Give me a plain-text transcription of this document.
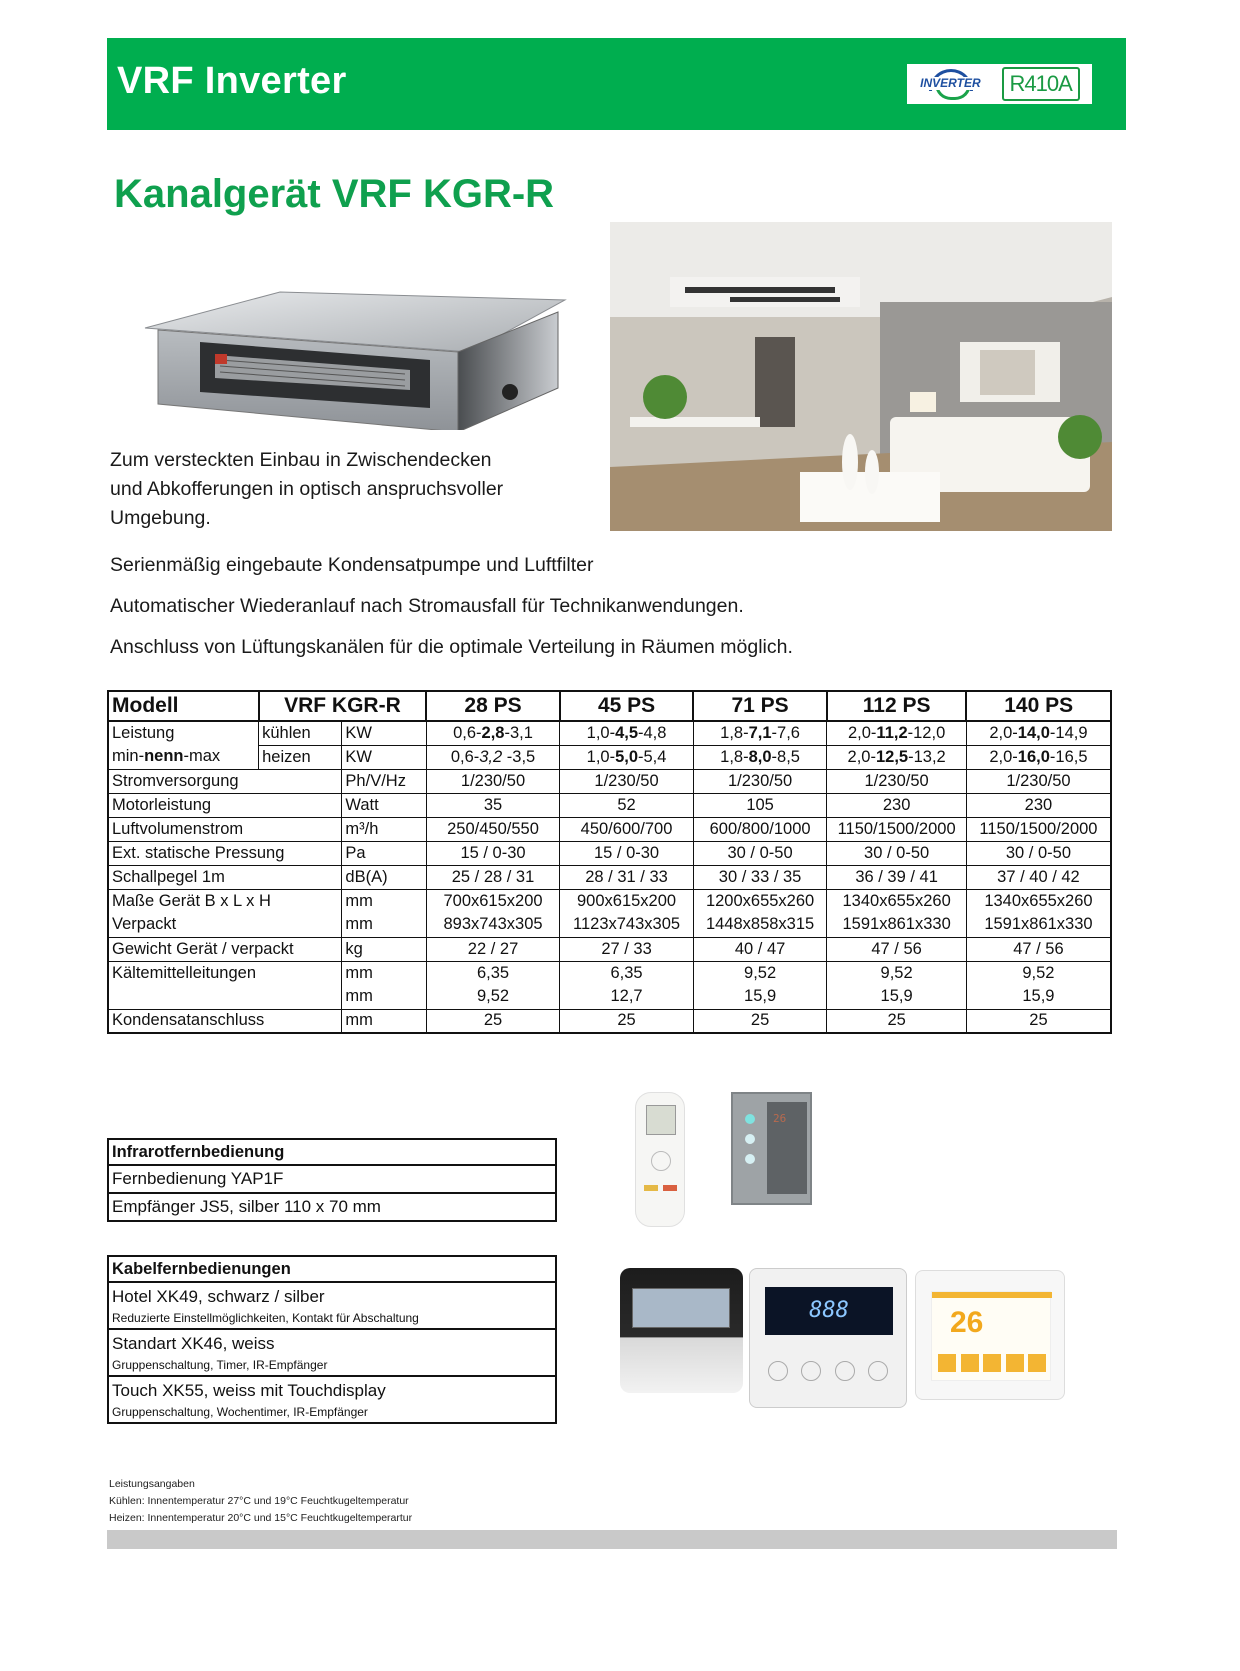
VRF Inverter	INVERTER	R410A
Kanalgerät VRF KGR-R
Zum versteckten Einbau in Zwischendecken
und Abkofferungen in optisch anspruchsvoller
Umgebung.
Serienmäßig eingebaute Kondensatpumpe und Luftfilter
Automatischer Wiederanlauf nach Stromausfall für Technikanwendungen.
Anschluss von Lüftungskanälen für die optimale Verteilung in Räumen möglich.
Modell	VRF KGR-R		28 PS	45 PS	71 PS	112 PS	140 PS
Leistung	kühlen	KW	0,6-2,8-3,1	1,0-4,5-4,8	1,8-7,1-7,6	2,0-11,2-12,0	2,0-14,0-14,9
min-nenn-max	heizen	KW	0,6-3,2 -3,5	1,0-5,0-5,4	1,8-8,0-8,5	2,0-12,5-13,2	2,0-16,0-16,5
Stromversorgung		Ph/V/Hz	1/230/50	1/230/50	1/230/50	1/230/50	1/230/50
Motorleistung		Watt	35	52	105	230	230
Luftvolumenstrom		m³/h	250/450/550	450/600/700	600/800/1000	1150/1500/2000	1150/1500/2000
Ext. statische Pressung		Pa	15 / 0-30	15 / 0-30	30 / 0-50	30 / 0-50	30 / 0-50
Schallpegel 1m		dB(A)	25 / 28 / 31	28 / 31 / 33	30 / 33 / 35	36 / 39 / 41	37 / 40 / 42
Maße Gerät B x L x H		mm	700x615x200	900x615x200	1200x655x260	1340x655x260	1340x655x260
Verpackt		mm	893x743x305	1123x743x305	1448x858x315	1591x861x330	1591x861x330
Gewicht Gerät / verpackt		kg	22 / 27	27 / 33	40 / 47	47 / 56	47 / 56
Kältemittelleitungen		mm	6,35	6,35	9,52	9,52	9,52
		mm	9,52	12,7	15,9	15,9	15,9
Kondensatanschluss		mm	25	25	25	25	25
Infrarotfernbedienung
Fernbedienung YAP1F
Empfänger JS5, silber 110 x 70 mm
26
Kabelfernbedienungen
Hotel XK49, schwarz / silber
Reduzierte Einstellmöglichkeiten, Kontakt für Abschaltung
Standart XK46, weiss
Gruppenschaltung, Timer, IR-Empfänger
Touch XK55, weiss mit Touchdisplay
Gruppenschaltung, Wochentimer, IR-Empfänger
888	26
Leistungsangaben
Kühlen: Innentemperatur 27°C und 19°C Feuchtkugeltemperatur
Heizen: Innentemperatur 20°C und 15°C Feuchtkugeltemperartur
